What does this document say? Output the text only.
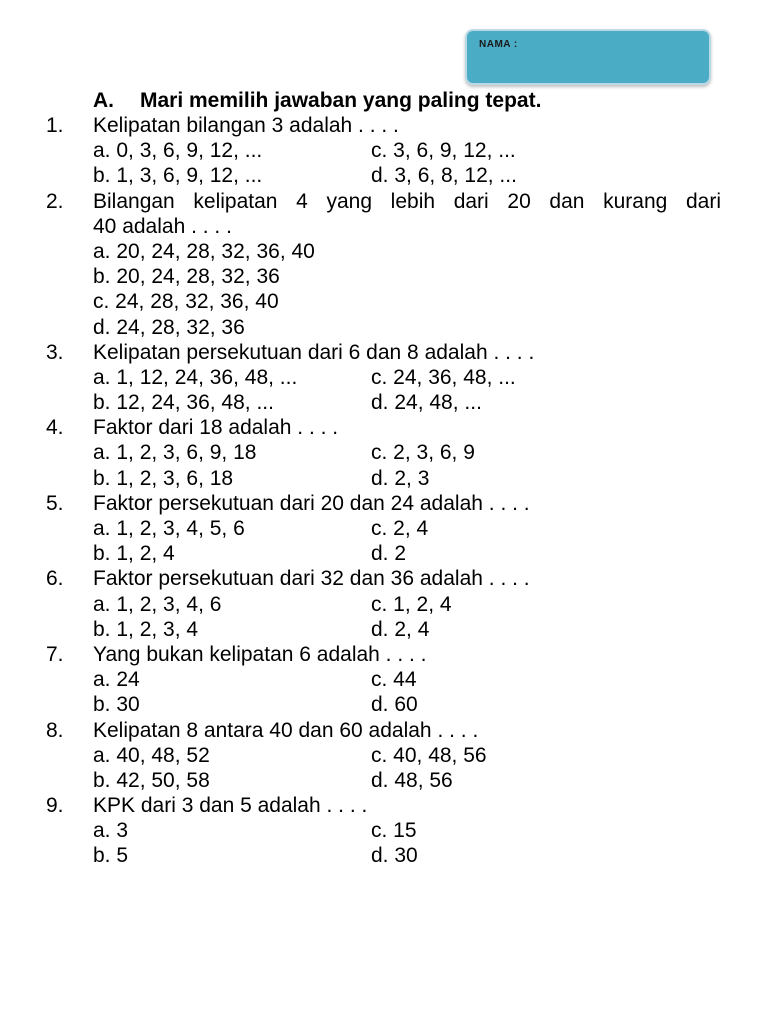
NAMA :
A. Mari memilih jawaban yang paling tepat.
1. Kelipatan bilangan 3 adalah . . . .
a. 0, 3, 6, 9, 12, ...	c. 3, 6, 9, 12, ...
b. 1, 3, 6, 9, 12, ...	d. 3, 6, 8, 12, ...
2. Bilangan kelipatan 4 yang lebih dari 20 dan kurang dari
40 adalah . . . .
a. 20, 24, 28, 32, 36, 40
b. 20, 24, 28, 32, 36
c. 24, 28, 32, 36, 40
d. 24, 28, 32, 36
3. Kelipatan persekutuan dari 6 dan 8 adalah . . . .
a. 1, 12, 24, 36, 48, ...	c. 24, 36, 48, ...
b. 12, 24, 36, 48, ...	d. 24, 48, ...
4. Faktor dari 18 adalah . . . .
a. 1, 2, 3, 6, 9, 18	c. 2, 3, 6, 9
b. 1, 2, 3, 6, 18	d. 2, 3
5. Faktor persekutuan dari 20 dan 24 adalah . . . .
a. 1, 2, 3, 4, 5, 6	c. 2, 4
b. 1, 2, 4	d. 2
6. Faktor persekutuan dari 32 dan 36 adalah . . . .
a. 1, 2, 3, 4, 6	c. 1, 2, 4
b. 1, 2, 3, 4	d. 2, 4
7. Yang bukan kelipatan 6 adalah . . . .
a. 24	c. 44
b. 30	d. 60
8. Kelipatan 8 antara 40 dan 60 adalah . . . .
a. 40, 48, 52	c. 40, 48, 56
b. 42, 50, 58	d. 48, 56
9. KPK dari 3 dan 5 adalah . . . .
a. 3	c. 15
b. 5	d. 30
